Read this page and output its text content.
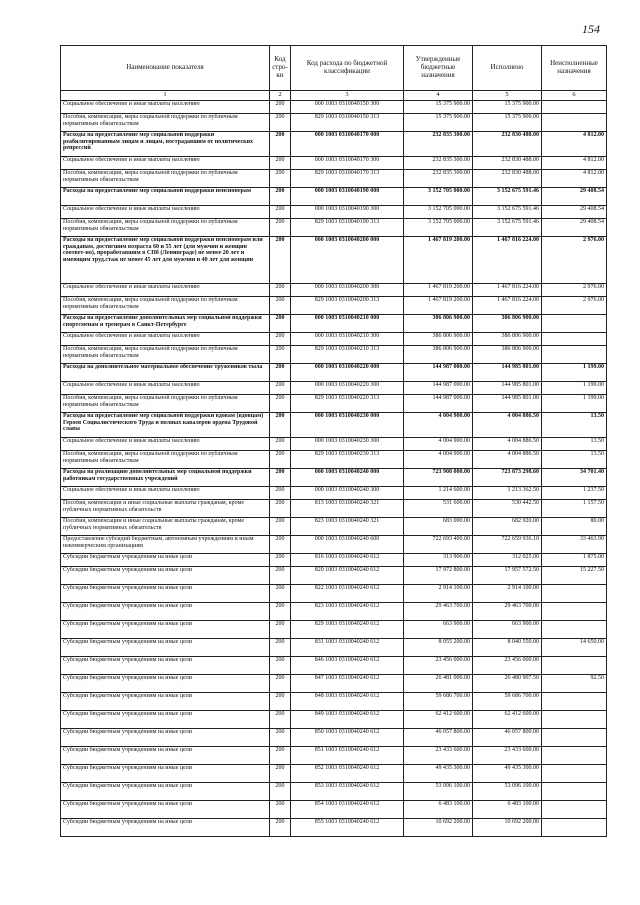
154
Наименование показателя	Код стро-ки	Код расхода по бюджетной классификации	Утвержденные бюджетные назначения	Исполнено	Неисполненные назначения
1	2	3	4	5	6
Социальное обеспечение и иные выплаты населению	200	000 1003 0310040150 300	15 375 900.00	15 375 900.00	
Пособия, компенсации, меры социальной поддержки по публичным нормативным обязательствам	200	829 1003 0310040150 313	15 375 900.00	15 375 900.00	
Расходы на предоставление мер социальной поддержки реабилитированным лицам и лицам, пострадавшим от политических репрессий	200	000 1003 0310040170 000	232 835 300.00	232 830 488.00	4 812.00
Социальное обеспечение и иные выплаты населению	200	000 1003 0310040170 300	232 835 300.00	232 830 488.00	4 812.00
Пособия, компенсации, меры социальной поддержки по публичным нормативным обязательствам	200	829 1003 0310040170 313	232 835 300.00	232 830 488.00	4 812.00
Расходы на предоставление мер социальной поддержки пенсионерам	200	000 1003 0310040190 000	3 152 705 000.00	3 152 675 591.46	29 408.54
Социальное обеспечение и иные выплаты населению	200	000 1003 0310040190 300	3 152 705 000.00	3 152 675 591.46	29 408.54
Пособия, компенсации, меры социальной поддержки по публичным нормативным обязательствам	200	829 1003 0310040190 313	3 152 705 000.00	3 152 675 591.46	29 408.54
Расходы на предоставление мер социальной поддержки пенсионерам или гражданам, достигшим возраста 60 и 55 лет (для мужчин и женщин соответ-но), проработавшим в СПб (Ленинграде) не менее 20 лет и имеющим труд.стаж не менее 45 лет для мужчин и 40 лет для женщин	200	000 1003 0310040200 000	1 467 819 200.00	1 467 816 224.00	2 976.00
Социальное обеспечение и иные выплаты населению	200	000 1003 0310040200 300	1 467 819 200.00	1 467 816 224.00	2 976.00
Пособия, компенсации, меры социальной поддержки по публичным нормативным обязательствам	200	829 1003 0310040200 313	1 467 819 200.00	1 467 816 224.00	2 976.00
Расходы на предоставление дополнительных мер социальной поддержки спортсменам и тренерам в Санкт-Петербурге	200	000 1003 0310040210 000	386 806 900.00	386 806 900.00	
Социальное обеспечение и иные выплаты населению	200	000 1003 0310040210 300	386 806 900.00	386 806 900.00	
Пособия, компенсации, меры социальной поддержки по публичным нормативным обязательствам	200	829 1003 0310040210 313	386 806 900.00	386 806 900.00	
Расходы на дополнительное материальное обеспечение тружеников тыла	200	000 1003 0310040220 000	144 987 000.00	144 985 801.00	1 199.00
Социальное обеспечение и иные выплаты населению	200	000 1003 0310040220 300	144 987 000.00	144 985 801.00	1 199.00
Пособия, компенсации, меры социальной поддержки по публичным нормативным обязательствам	200	829 1003 0310040220 313	144 987 000.00	144 985 801.00	1 199.00
Расходы на предоставление мер социальной поддержки вдовам (вдовцам) Героев Социалистического Труда и полных кавалеров ордена Трудовой славы	200	000 1003 0310040230 000	4 004 900.00	4 004 886.50	13.50
Социальное обеспечение и иные выплаты населению	200	000 1003 0310040230 300	4 004 900.00	4 004 886.50	13.50
Пособия, компенсации, меры социальной поддержки по публичным нормативным обязательствам	200	829 1003 0310040230 313	4 004 900.00	4 004 886.50	13.50
Расходы на реализацию дополнительных мер социальной поддержки работникам государственных учреждений	200	000 1003 0310040240 000	723 908 000.00	723 873 298.60	34 701.40
Социальное обеспечение и иные выплаты населению	200	000 1003 0310040240 300	1 214 600.00	1 213 362.50	1 237.50
Пособия, компенсации и иные социальные выплаты гражданам, кроме публичных нормативных обязательств	200	813 1003 0310040240 321	531 600.00	530 442.50	1 157.50
Пособия, компенсации и иные социальные выплаты гражданам, кроме публичных нормативных обязательств	200	823 1003 0310040240 321	683 000.00	682 920.00	80.00
Предоставление субсидий бюджетным, автономным учреждениям и иным некоммерческим организациям	200	000 1003 0310040240 600	722 693 400.00	722 659 936.10	33 463.90
Субсидии бюджетным учреждениям на иные цели	200	816 1003 0310040240 612	313 900.00	312 025.00	1 875.00
Субсидии бюджетным учреждениям на иные цели	200	820 1003 0310040240 612	17 972 800.00	17 957 572.50	15 227.50
Субсидии бюджетным учреждениям на иные цели	200	822 1003 0310040240 612	2 914 100.00	2 914 100.00	
Субсидии бюджетным учреждениям на иные цели	200	823 1003 0310040240 612	29 463 700.00	29 463 700.00	
Субсидии бюджетным учреждениям на иные цели	200	829 1003 0310040240 612	663 900.00	663 900.00	
Субсидии бюджетным учреждениям на иные цели	200	831 1003 0310040240 612	8 055 200.00	8 040 550.00	14 650.00
Субсидии бюджетным учреждениям на иные цели	200	846 1003 0310040240 612	23 456 000.00	23 456 000.00	
Субсидии бюджетным учреждениям на иные цели	200	847 1003 0310040240 612	26 481 000.00	26 480 907.50	92.50
Субсидии бюджетным учреждениям на иные цели	200	848 1003 0310040240 612	59 686 700.00	59 686 700.00	
Субсидии бюджетным учреждениям на иные цели	200	849 1003 0310040240 612	62 412 600.00	62 412 600.00	
Субсидии бюджетным учреждениям на иные цели	200	850 1003 0310040240 612	46 057 800.00	46 057 800.00	
Субсидии бюджетным учреждениям на иные цели	200	851 1003 0310040240 612	23 433 600.00	23 433 600.00	
Субсидии бюджетным учреждениям на иные цели	200	852 1003 0310040240 612	49 435 300.00	49 435 300.00	
Субсидии бюджетным учреждениям на иные цели	200	853 1003 0310040240 612	53 096 100.00	53 096 100.00	
Субсидии бюджетным учреждениям на иные цели	200	854 1003 0310040240 612	6 483 100.00	6 483 100.00	
Субсидии бюджетным учреждениям на иные цели	200	855 1003 0310040240 612	10 692 200.00	10 692 200.00	
